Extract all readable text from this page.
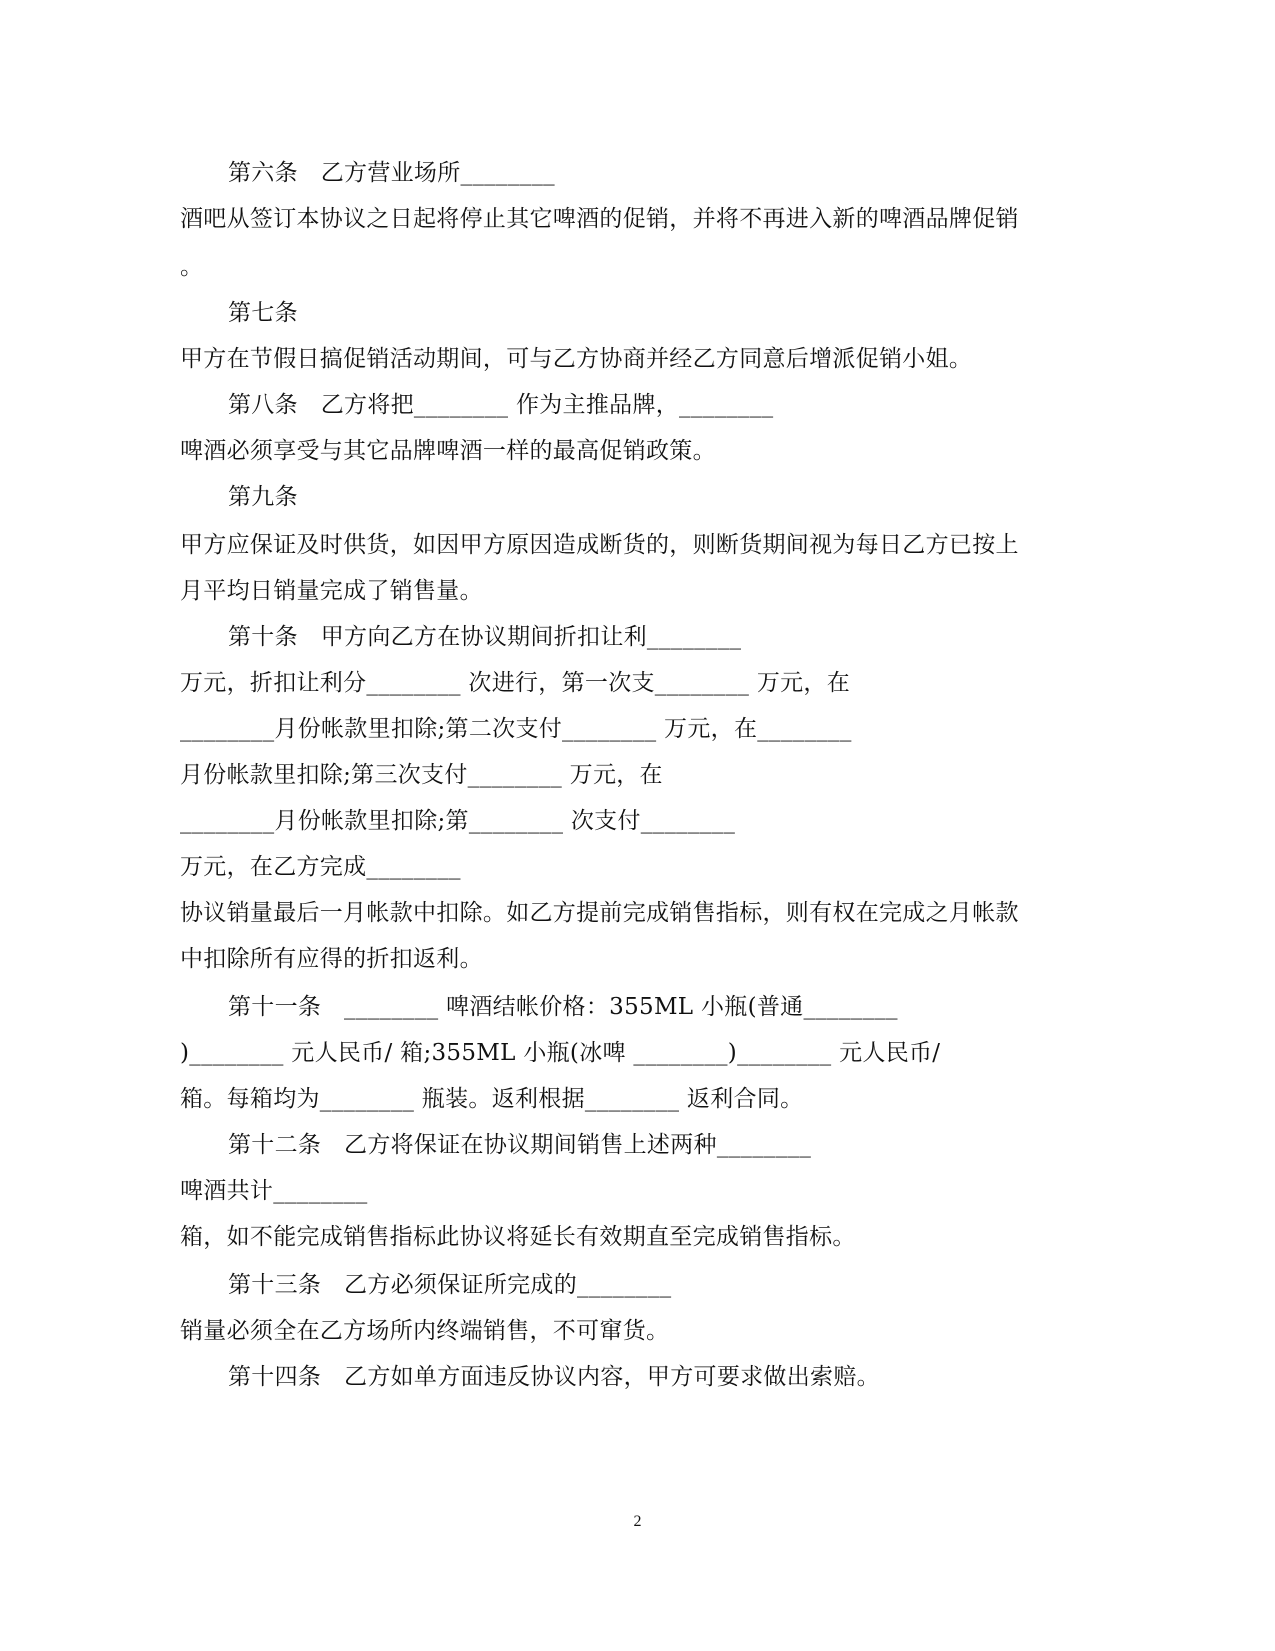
第六条   乙方营业场所________
酒吧从签订本协议之日起将停止其它啤酒的促销，并将不再进入新的啤酒品牌促销
。
第七条
甲方在节假日搞促销活动期间，可与乙方协商并经乙方同意后增派促销小姐。
第八条   乙方将把________ 作为主推品牌，________
啤酒必须享受与其它品牌啤酒一样的最高促销政策。
第九条
甲方应保证及时供货，如因甲方原因造成断货的，则断货期间视为每日乙方已按上
月平均日销量完成了销售量。
第十条   甲方向乙方在协议期间折扣让利________
万元，折扣让利分________ 次进行，第一次支________ 万元，在
________月份帐款里扣除;第二次支付________ 万元，在________
月份帐款里扣除;第三次支付________ 万元，在
________月份帐款里扣除;第________ 次支付________
万元，在乙方完成________
协议销量最后一月帐款中扣除。如乙方提前完成销售指标，则有权在完成之月帐款
中扣除所有应得的折扣返利。
第十一条   ________ 啤酒结帐价格：355ML 小瓶(普通________
)________ 元人民币/ 箱;355ML 小瓶(冰啤 ________)________ 元人民币/
箱。每箱均为________ 瓶装。返利根据________ 返利合同。
第十二条   乙方将保证在协议期间销售上述两种________
啤酒共计________
箱，如不能完成销售指标此协议将延长有效期直至完成销售指标。
第十三条   乙方必须保证所完成的________
销量必须全在乙方场所内终端销售，不可窜货。
第十四条   乙方如单方面违反协议内容，甲方可要求做出索赔。
2
